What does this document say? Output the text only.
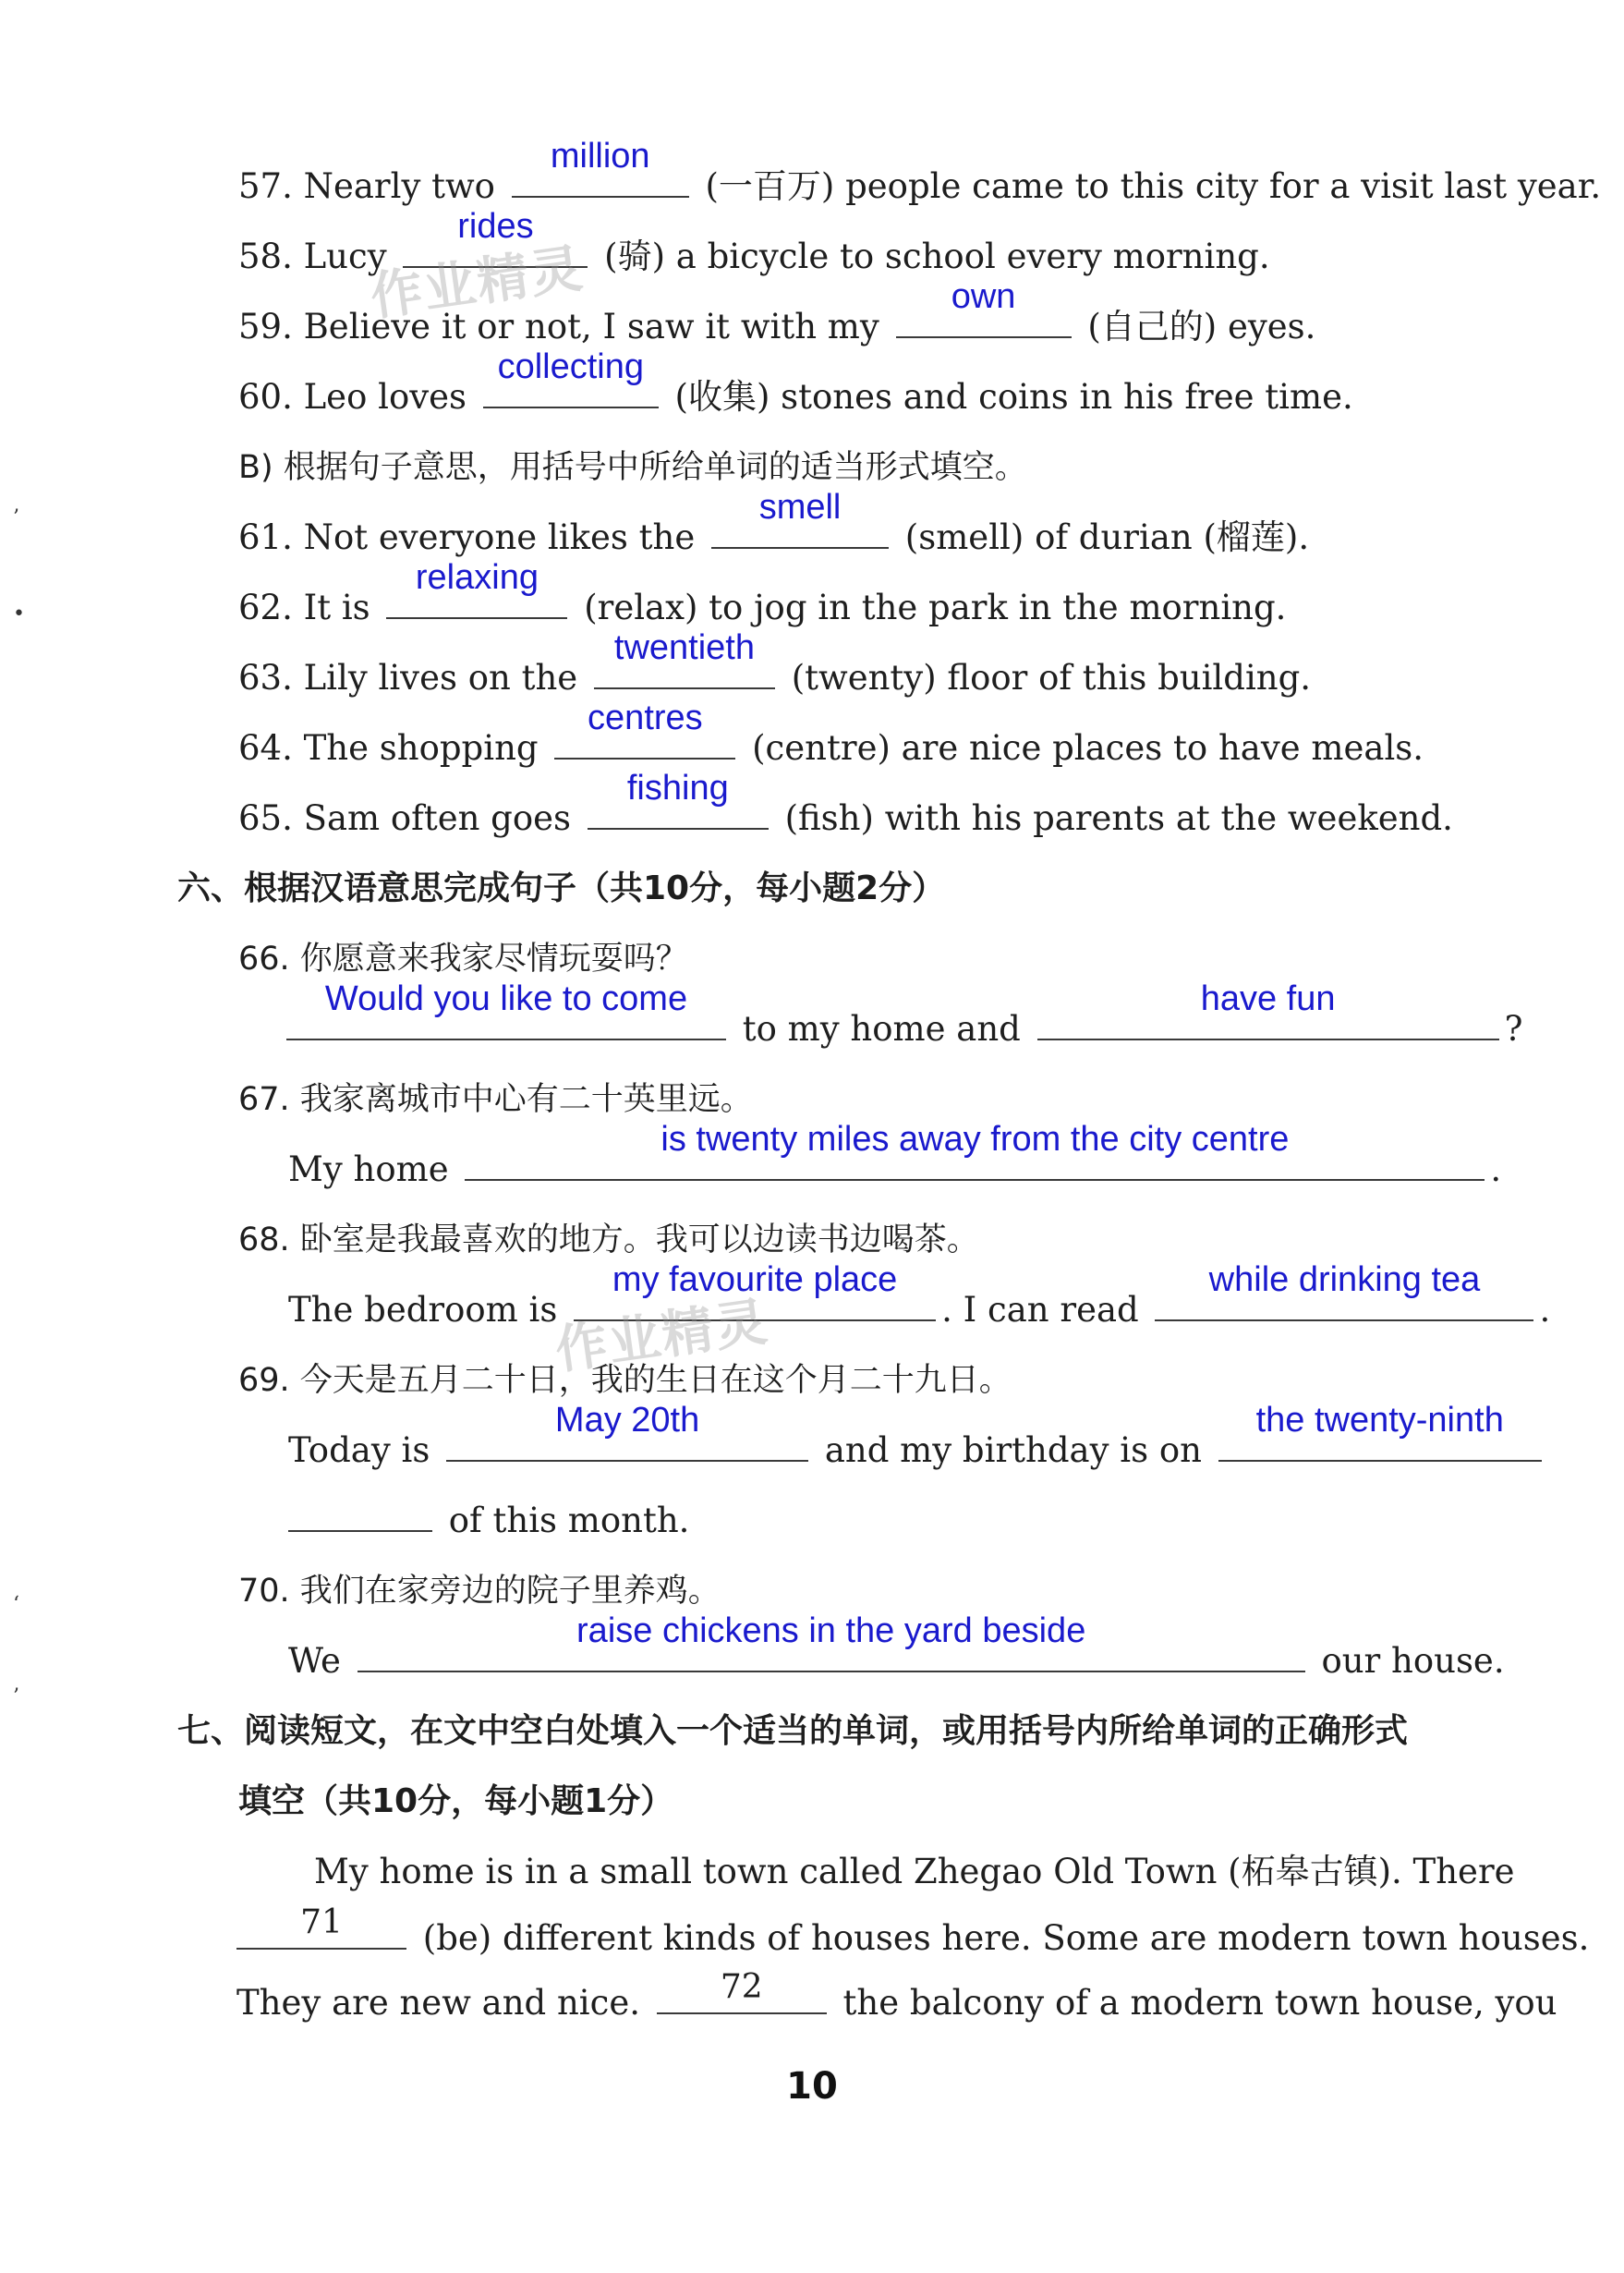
57. Nearly two
million
(一百万) people came to this city for a visit last year.
58. Lucy
rides
(骑) a bicycle to school every morning.
59. Believe it or not, I saw it with my
own
(自己的) eyes.
60. Leo loves
collecting
(收集) stones and coins in his free time.
B) 根据句子意思，用括号中所给单词的适当形式填空。
61. Not everyone likes the
smell
(smell) of durian (榴莲).
62. It is
relaxing
(relax) to jog in the park in the morning.
63. Lily lives on the
twentieth
(twenty) floor of this building.
64. The shopping
centres
(centre) are nice places to have meals.
65. Sam often goes
fishing
(fish) with his parents at the weekend.
六、根据汉语意思完成句子（共10分，每小题2分）
66. 你愿意来我家尽情玩耍吗？
Would you like to come
to my home and
have fun
?
67. 我家离城市中心有二十英里远。
My home
is twenty miles away from the city centre
.
68. 卧室是我最喜欢的地方。我可以边读书边喝茶。
The bedroom is
my favourite place
. I can read
while drinking tea
.
69. 今天是五月二十日，我的生日在这个月二十九日。
Today is
May 20th
and my birthday is on
the twenty-ninth
of this month.
70. 我们在家旁边的院子里养鸡。
We
raise chickens in the yard beside
our house.
七、阅读短文，在文中空白处填入一个适当的单词，或用括号内所给单词的正确形式
填空（共10分，每小题1分）
My home is in a small town called Zhegao Old Town (柘皋古镇). There
71	(be) different kinds of houses here. Some are modern town houses.
They are new and nice.	72	the balcony of a modern town house, you
10
’
•
‘
’
作业精灵
作业精灵
